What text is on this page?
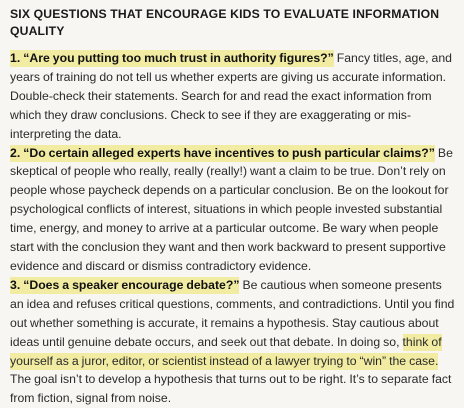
SIX QUESTIONS THAT ENCOURAGE KIDS TO EVALUATE INFORMATION QUALITY

1. “Are you putting too much trust in authority figures?” Fancy titles, age, and years of training do not tell us whether experts are giving us accurate information. Double-check their statements. Search for and read the exact information from which they draw conclusions. Check to see if they are exaggerating or misinterpreting the data.

2. “Do certain alleged experts have incentives to push particular claims?” Be skeptical of people who really, really (really!) want a claim to be true. Don’t rely on people whose paycheck depends on a particular conclusion. Be on the lookout for psychological conflicts of interest, situations in which people invested substantial time, energy, and money to arrive at a particular outcome. Be wary when people start with the conclusion they want and then work backward to present supportive evidence and discard or dismiss contradictory evidence.

3. “Does a speaker encourage debate?” Be cautious when someone presents an idea and refuses critical questions, comments, and contradictions. Until you find out whether something is accurate, it remains a hypothesis. Stay cautious about ideas until genuine debate occurs, and seek out that debate. In doing so, think of yourself as a juror, editor, or scientist instead of a lawyer trying to “win” the case. The goal isn’t to develop a hypothesis that turns out to be right. It’s to separate fact from fiction, signal from noise.
